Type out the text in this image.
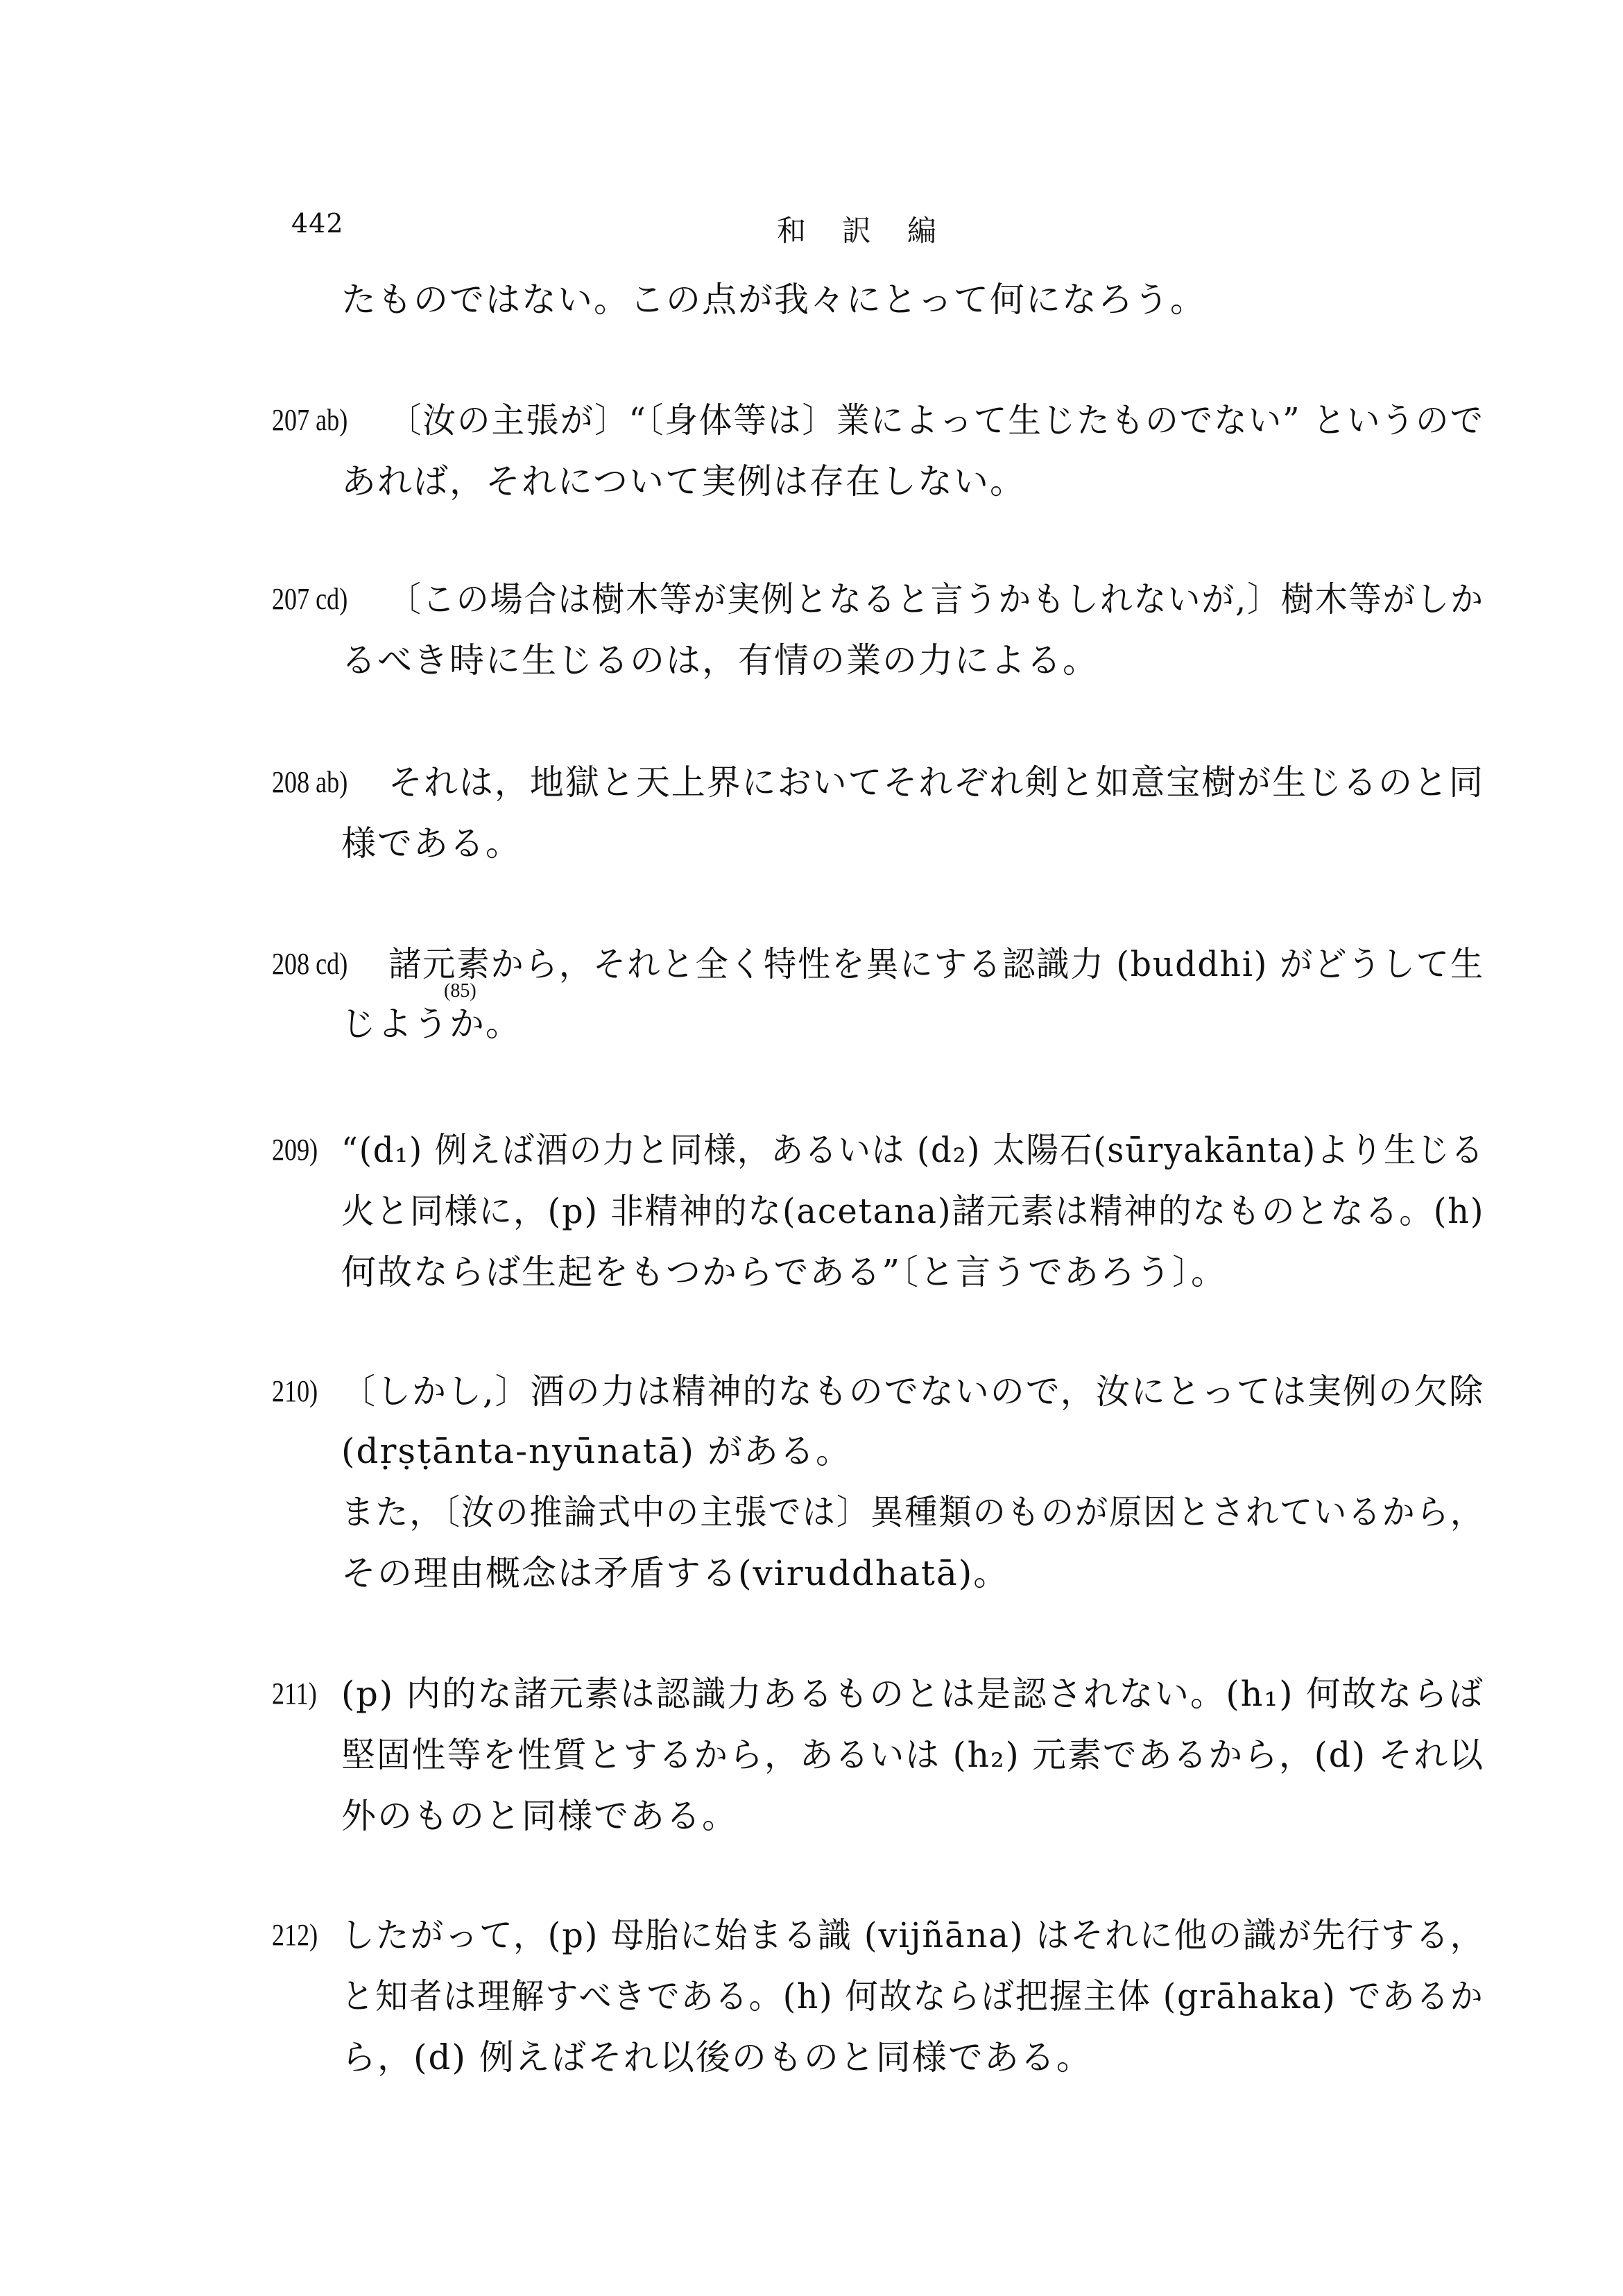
442	和訳編
たものではない。この点が我々にとって何になろう。
207 ab) 〔汝の主張が〕“〔身体等は〕業によって生じたものでない” というので
あれば，それについて実例は存在しない。
207 cd) 〔この場合は樹木等が実例となると言うかもしれないが,〕樹木等がしか
るべき時に生じるのは，有情の業の力による。
208 ab) それは，地獄と天上界においてそれぞれ剣と如意宝樹が生じるのと同
様である。
208 cd) 諸元素から，それと全く特性を異にする認識力 (buddhi) がどうして生
(85)
じようか。
209) “(d₁) 例えば酒の力と同様，あるいは (d₂) 太陽石(sūryakānta)より生じる
火と同様に，(p) 非精神的な(acetana)諸元素は精神的なものとなる。(h)
何故ならば生起をもつからである”〔と言うであろう〕。
210) 〔しかし,〕酒の力は精神的なものでないので，汝にとっては実例の欠除
(dṛṣṭānta-nyūnatā) がある。
また，〔汝の推論式中の主張では〕異種類のものが原因とされているから，
その理由概念は矛盾する(viruddhatā)。
211) (p) 内的な諸元素は認識力あるものとは是認されない。(h₁) 何故ならば
堅固性等を性質とするから，あるいは (h₂) 元素であるから，(d) それ以
外のものと同様である。
212) したがって，(p) 母胎に始まる識 (vijñāna) はそれに他の識が先行する，
と知者は理解すべきである。(h) 何故ならば把握主体 (grāhaka) であるか
ら，(d) 例えばそれ以後のものと同様である。
